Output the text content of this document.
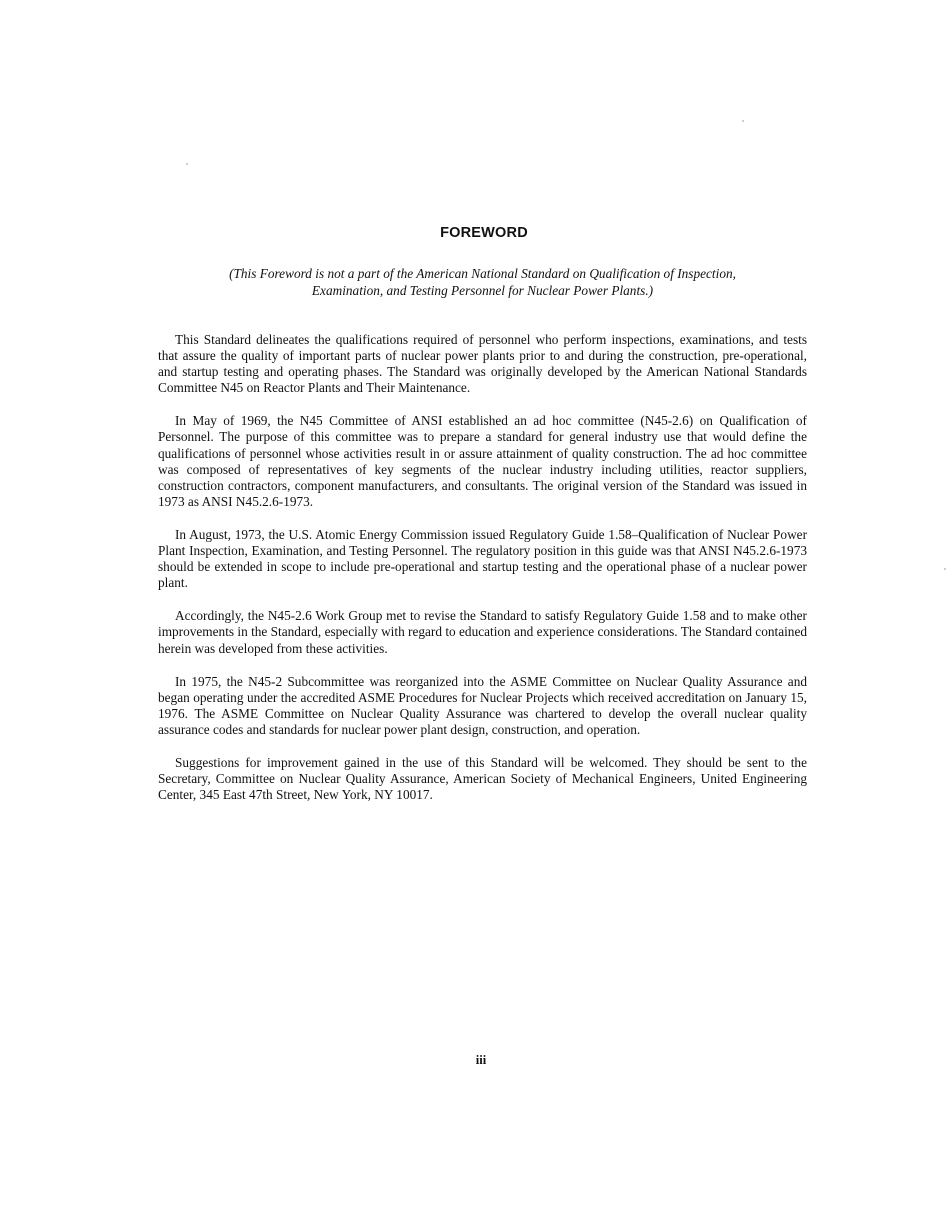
FOREWORD
(This Foreword is not a part of the American National Standard on Qualification of Inspection,
Examination, and Testing Personnel for Nuclear Power Plants.)

This Standard delineates the qualifications required of personnel who perform inspections, examinations, and tests that assure the quality of important parts of nuclear power plants prior to and during the construction, pre-operational, and startup testing and operating phases. The Standard was originally developed by the American National Standards Committee N45 on Reactor Plants and Their Maintenance.

In May of 1969, the N45 Committee of ANSI established an ad hoc committee (N45-2.6) on Qualification of Personnel. The purpose of this committee was to prepare a standard for general industry use that would define the qualifications of personnel whose activities result in or assure attainment of quality construction. The ad hoc committee was composed of representatives of key segments of the nuclear industry including utilities, reactor suppliers, construction contractors, component manufacturers, and consultants. The original version of the Standard was issued in 1973 as ANSI N45.2.6-1973.

In August, 1973, the U.S. Atomic Energy Commission issued Regulatory Guide 1.58–Qualification of Nuclear Power Plant Inspection, Examination, and Testing Personnel. The regulatory position in this guide was that ANSI N45.2.6-1973 should be extended in scope to include pre-operational and startup testing and the operational phase of a nuclear power plant.

Accordingly, the N45-2.6 Work Group met to revise the Standard to satisfy Regulatory Guide 1.58 and to make other improvements in the Standard, especially with regard to education and experience considerations. The Standard contained herein was developed from these activities.

In 1975, the N45-2 Subcommittee was reorganized into the ASME Committee on Nuclear Quality Assurance and began operating under the accredited ASME Procedures for Nuclear Projects which received accreditation on January 15, 1976. The ASME Committee on Nuclear Quality Assurance was chartered to develop the overall nuclear quality assurance codes and standards for nuclear power plant design, construction, and operation.

Suggestions for improvement gained in the use of this Standard will be welcomed. They should be sent to the Secretary, Committee on Nuclear Quality Assurance, American Society of Mechanical Engineers, United Engineering Center, 345 East 47th Street, New York, NY 10017.

iii
